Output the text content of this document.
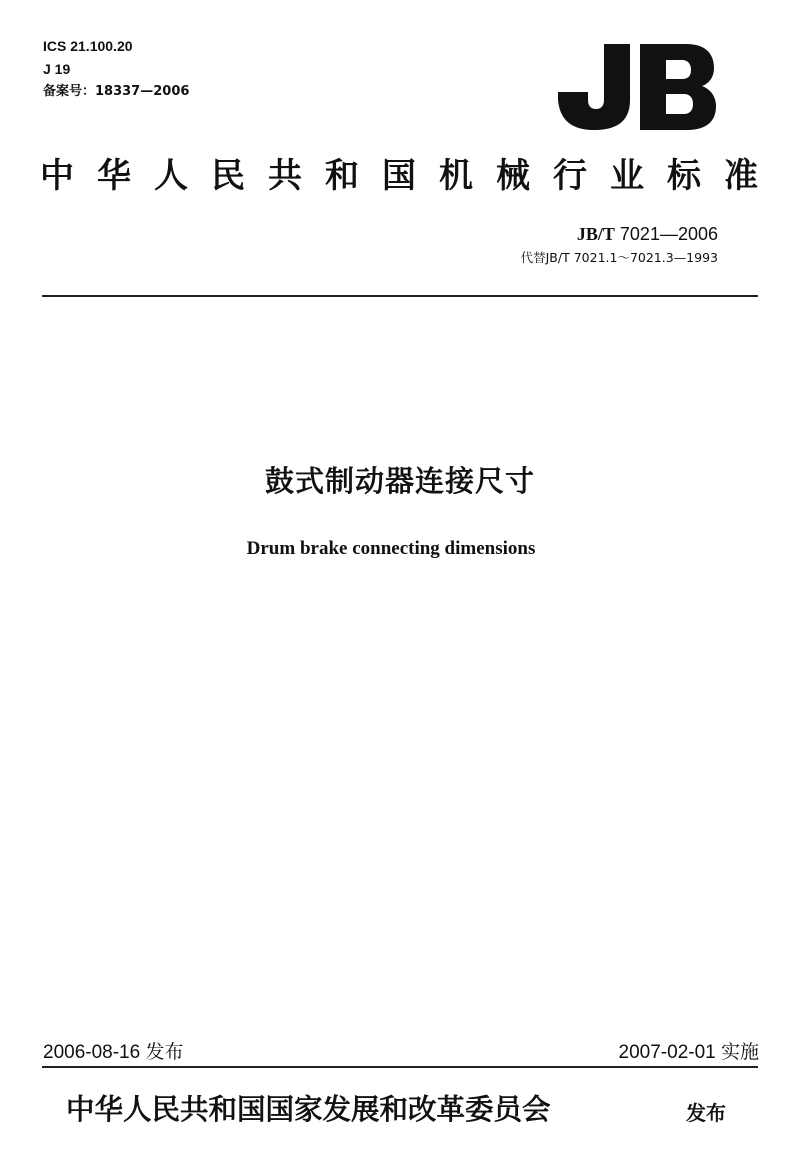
ICS 21.100.20
J 19
备案号：18337—2006
中 华 人 民 共 和 国 机 械 行 业 标 准
JB/T 7021—2006
代替JB/T 7021.1～7021.3—1993
鼓式制动器连接尺寸
Drum brake connecting dimensions
2006-08-16 发布	2007-02-01 实施
中华人民共和国国家发展和改革委员会	发布
